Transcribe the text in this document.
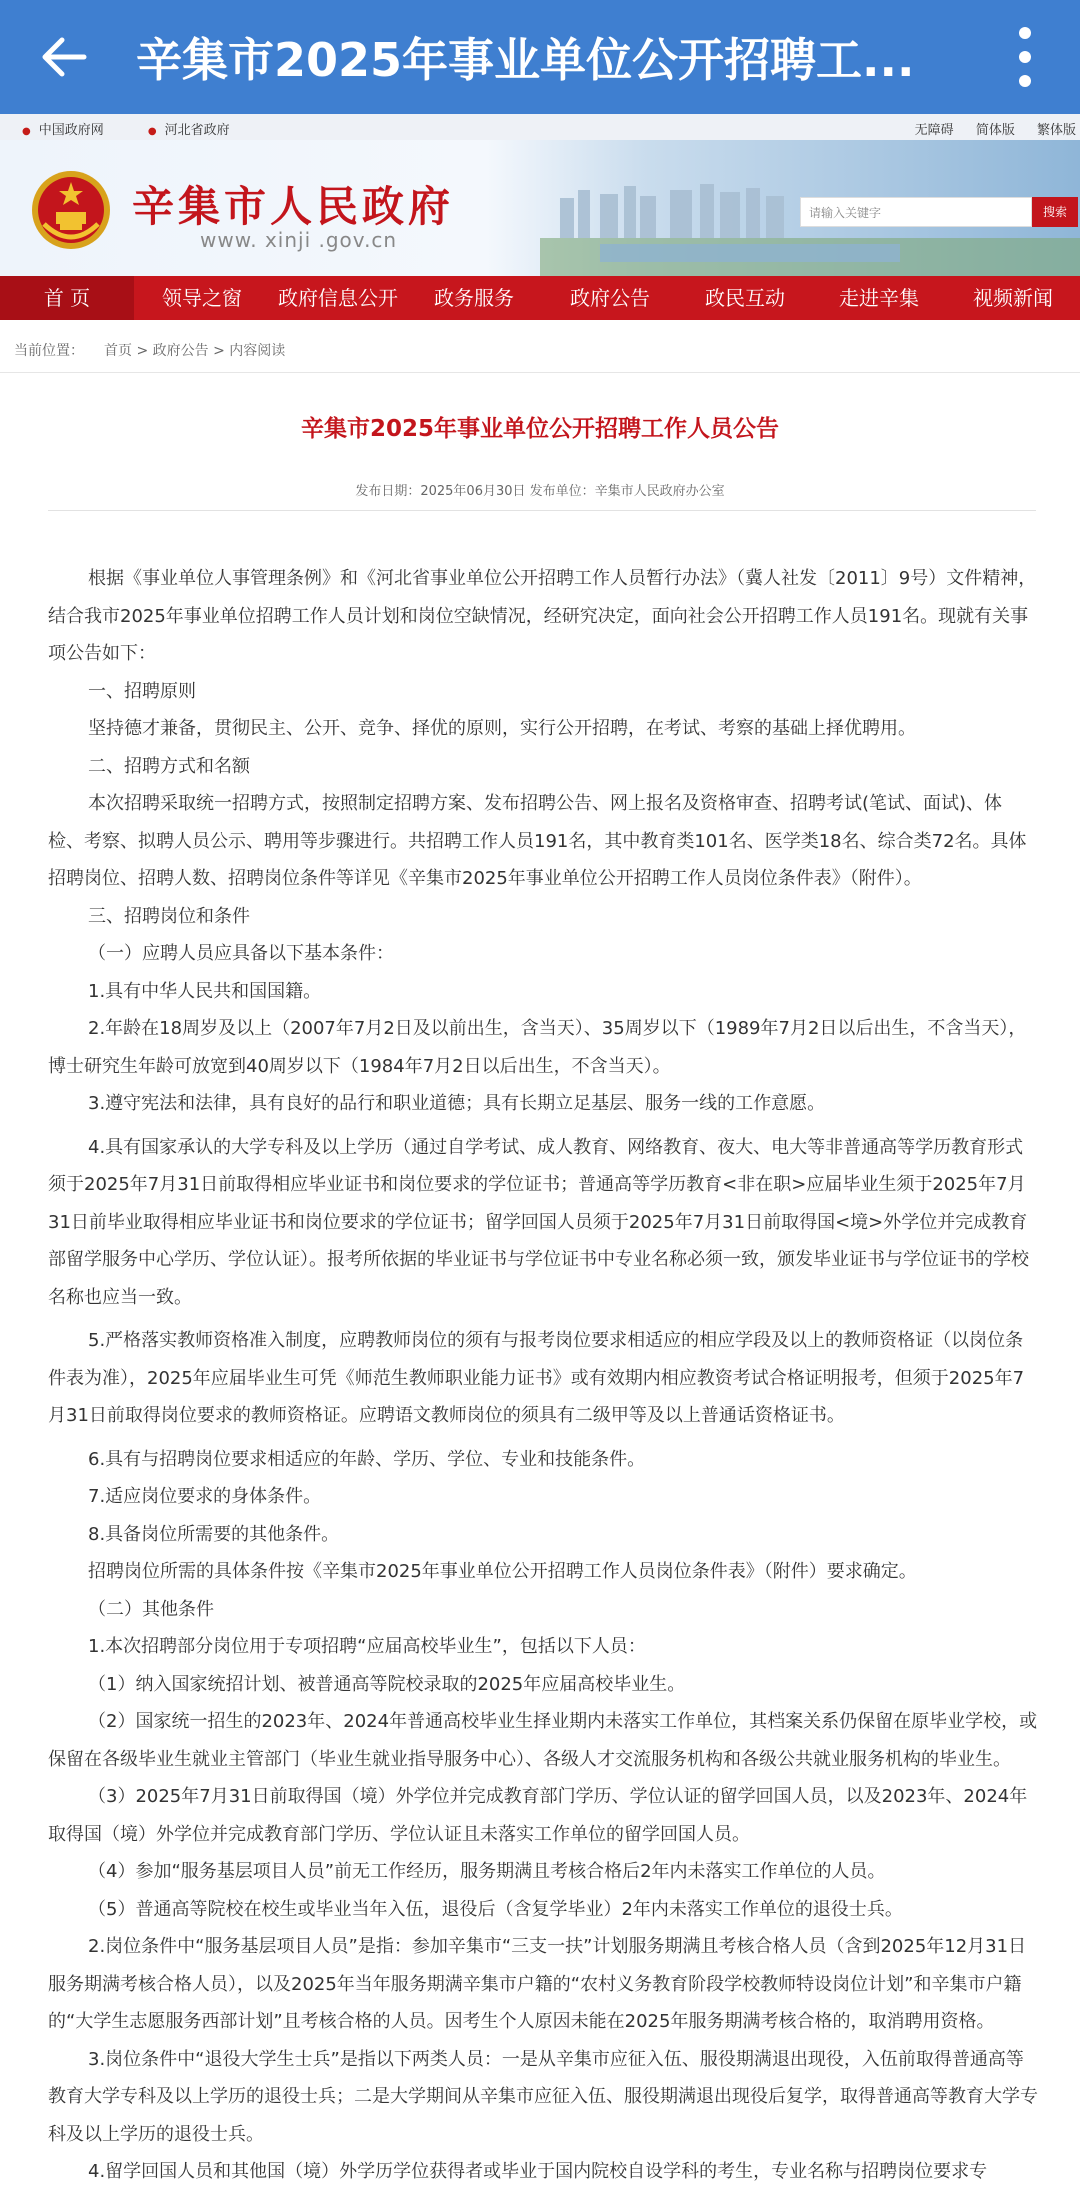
辛集市2025年事业单位公开招聘工...
● 中国政府网 ●	河北省政府	无障碍 简体版 繁体版
辛集市人民政府
www. xinji .gov.cn
请输入关键字	搜索
首 页	领导之窗	政府信息公开	政务服务	政府公告	政民互动	走进辛集	视频新闻
当前位置： 首页 > 政府公告 > 内容阅读
辛集市2025年事业单位公开招聘工作人员公告
发布日期：2025年06月30日 发布单位：辛集市人民政府办公室

根据《事业单位人事管理条例》和《河北省事业单位公开招聘工作人员暂行办法》（冀人社发〔2011〕9号）文件精神，结合我市2025年事业单位招聘工作人员计划和岗位空缺情况，经研究决定，面向社会公开招聘工作人员191名。现就有关事项公告如下：

一、招聘原则

坚持德才兼备，贯彻民主、公开、竞争、择优的原则，实行公开招聘，在考试、考察的基础上择优聘用。

二、招聘方式和名额

本次招聘采取统一招聘方式，按照制定招聘方案、发布招聘公告、网上报名及资格审查、招聘考试(笔试、面试)、体检、考察、拟聘人员公示、聘用等步骤进行。共招聘工作人员191名，其中教育类101名、医学类18名、综合类72名。具体招聘岗位、招聘人数、招聘岗位条件等详见《辛集市2025年事业单位公开招聘工作人员岗位条件表》（附件）。

三、招聘岗位和条件

（一）应聘人员应具备以下基本条件：

1.具有中华人民共和国国籍。

2.年龄在18周岁及以上（2007年7月2日及以前出生，含当天）、35周岁以下（1989年7月2日以后出生，不含当天），博士研究生年龄可放宽到40周岁以下（1984年7月2日以后出生，不含当天）。

3.遵守宪法和法律，具有良好的品行和职业道德；具有长期立足基层、服务一线的工作意愿。

4.具有国家承认的大学专科及以上学历（通过自学考试、成人教育、网络教育、夜大、电大等非普通高等学历教育形式须于2025年7月31日前取得相应毕业证书和岗位要求的学位证书；普通高等学历教育<非在职>应届毕业生须于2025年7月31日前毕业取得相应毕业证书和岗位要求的学位证书；留学回国人员须于2025年7月31日前取得国<境>外学位并完成教育部留学服务中心学历、学位认证）。报考所依据的毕业证书与学位证书中专业名称必须一致，颁发毕业证书与学位证书的学校名称也应当一致。

5.严格落实教师资格准入制度，应聘教师岗位的须有与报考岗位要求相适应的相应学段及以上的教师资格证（以岗位条件表为准），2025年应届毕业生可凭《师范生教师职业能力证书》或有效期内相应教资考试合格证明报考，但须于2025年7月31日前取得岗位要求的教师资格证。应聘语文教师岗位的须具有二级甲等及以上普通话资格证书。

6.具有与招聘岗位要求相适应的年龄、学历、学位、专业和技能条件。

7.适应岗位要求的身体条件。

8.具备岗位所需要的其他条件。

招聘岗位所需的具体条件按《辛集市2025年事业单位公开招聘工作人员岗位条件表》（附件）要求确定。

（二）其他条件

1.本次招聘部分岗位用于专项招聘“应届高校毕业生”，包括以下人员：

（1）纳入国家统招计划、被普通高等院校录取的2025年应届高校毕业生。

（2）国家统一招生的2023年、2024年普通高校毕业生择业期内未落实工作单位，其档案关系仍保留在原毕业学校，或保留在各级毕业生就业主管部门（毕业生就业指导服务中心）、各级人才交流服务机构和各级公共就业服务机构的毕业生。

（3）2025年7月31日前取得国（境）外学位并完成教育部门学历、学位认证的留学回国人员，以及2023年、2024年取得国（境）外学位并完成教育部门学历、学位认证且未落实工作单位的留学回国人员。

（4）参加“服务基层项目人员”前无工作经历，服务期满且考核合格后2年内未落实工作单位的人员。

（5）普通高等院校在校生或毕业当年入伍，退役后（含复学毕业）2年内未落实工作单位的退役士兵。

2.岗位条件中“服务基层项目人员”是指：参加辛集市“三支一扶”计划服务期满且考核合格人员（含到2025年12月31日服务期满考核合格人员），以及2025年当年服务期满辛集市户籍的“农村义务教育阶段学校教师特设岗位计划”和辛集市户籍的“大学生志愿服务西部计划”且考核合格的人员。因考生个人原因未能在2025年服务期满考核合格的，取消聘用资格。

3.岗位条件中“退役大学生士兵”是指以下两类人员：一是从辛集市应征入伍、服役期满退出现役，入伍前取得普通高等教育大学专科及以上学历的退役士兵；二是大学期间从辛集市应征入伍、服役期满退出现役后复学，取得普通高等教育大学专科及以上学历的退役士兵。

4.留学回国人员和其他国（境）外学历学位获得者或毕业于国内院校自设学科的考生，专业名称与招聘岗位要求专
